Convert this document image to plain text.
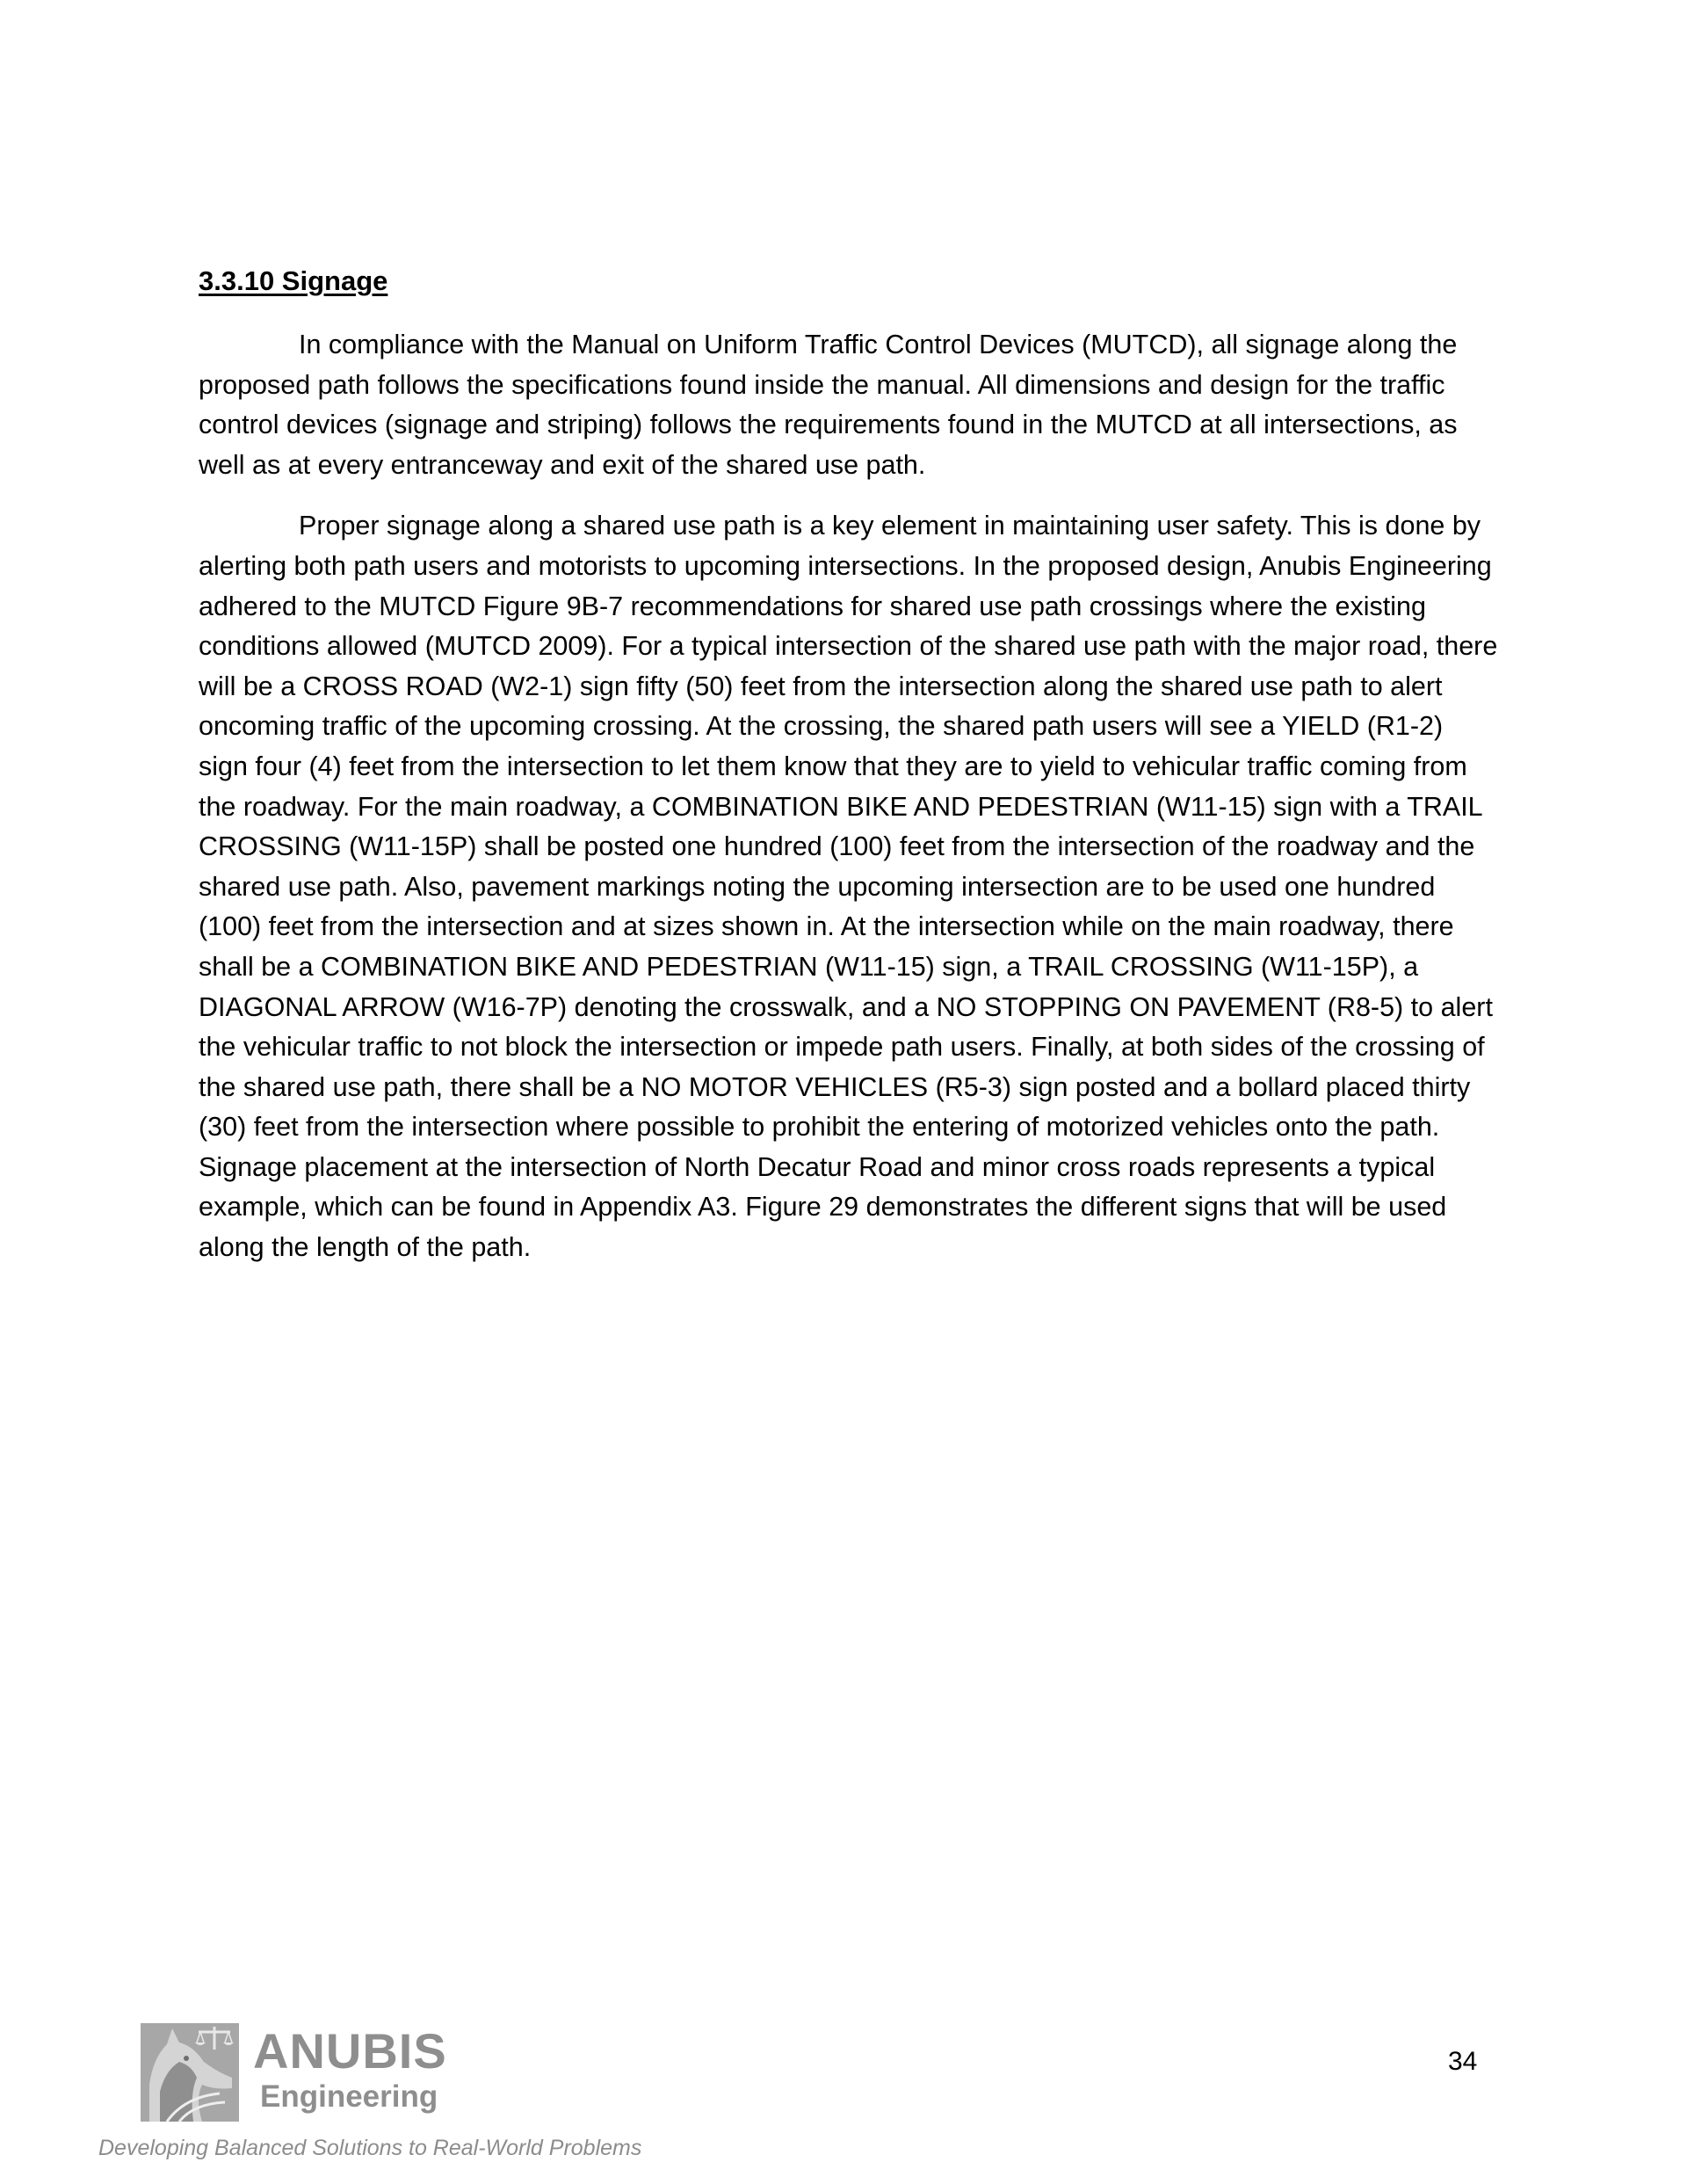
3.3.10 Signage

In compliance with the Manual on Uniform Traffic Control Devices (MUTCD), all signage along the proposed path follows the specifications found inside the manual. All dimensions and design for the traffic control devices (signage and striping) follows the requirements found in the MUTCD at all intersections, as well as at every entranceway and exit of the shared use path.

Proper signage along a shared use path is a key element in maintaining user safety. This is done by alerting both path users and motorists to upcoming intersections. In the proposed design, Anubis Engineering adhered to the MUTCD Figure 9B-7 recommendations for shared use path crossings where the existing conditions allowed (MUTCD 2009). For a typical intersection of the shared use path with the major road, there will be a CROSS ROAD (W2-1) sign fifty (50) feet from the intersection along the shared use path to alert oncoming traffic of the upcoming crossing. At the crossing, the shared path users will see a YIELD (R1-2) sign four (4) feet from the intersection to let them know that they are to yield to vehicular traffic coming from the roadway. For the main roadway, a COMBINATION BIKE AND PEDESTRIAN (W11-15) sign with a TRAIL CROSSING (W11-15P) shall be posted one hundred (100) feet from the intersection of the roadway and the shared use path. Also, pavement markings noting the upcoming intersection are to be used one hundred (100) feet from the intersection and at sizes shown in. At the intersection while on the main roadway, there shall be a COMBINATION BIKE AND PEDESTRIAN (W11-15) sign, a TRAIL CROSSING (W11-15P), a DIAGONAL ARROW (W16-7P) denoting the crosswalk, and a NO STOPPING ON PAVEMENT (R8-5) to alert the vehicular traffic to not block the intersection or impede path users. Finally, at both sides of the crossing of the shared use path, there shall be a NO MOTOR VEHICLES (R5-3) sign posted and a bollard placed thirty (30) feet from the intersection where possible to prohibit the entering of motorized vehicles onto the path. Signage placement at the intersection of North Decatur Road and minor cross roads represents a typical example, which can be found in Appendix A3. Figure 29 demonstrates the different signs that will be used along the length of the path.

ANUBIS
Engineering
Developing Balanced Solutions to Real-World Problems
34
